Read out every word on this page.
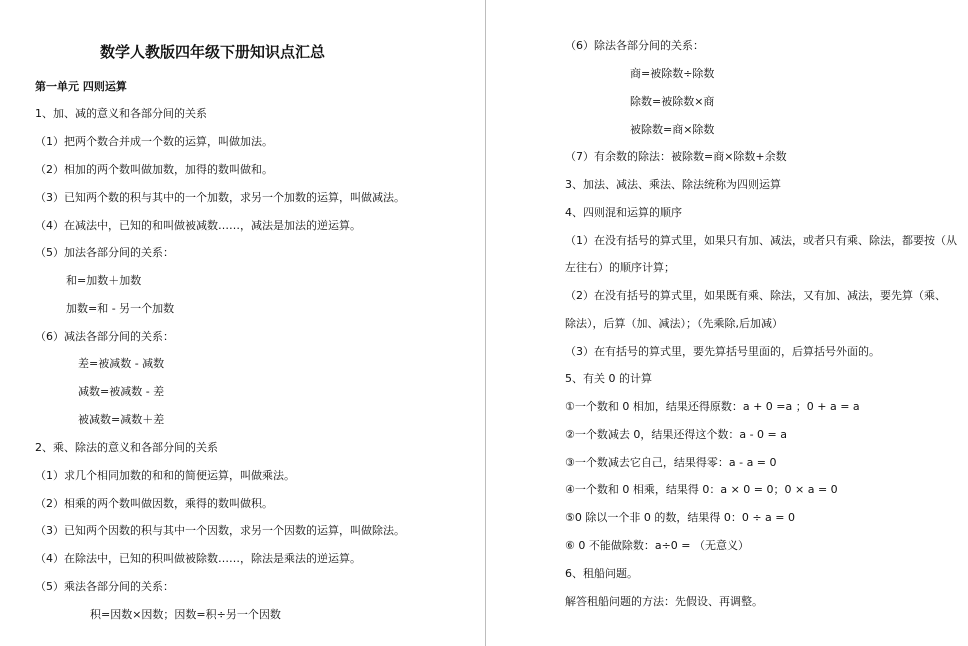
数学人教版四年级下册知识点汇总
第一单元 四则运算
1、加、减的意义和各部分间的关系
（1）把两个数合并成一个数的运算，叫做加法。
（2）相加的两个数叫做加数，加得的数叫做和。
（3）已知两个数的积与其中的一个加数，求另一个加数的运算，叫做减法。
（4）在减法中，已知的和叫做被减数……，减法是加法的逆运算。
（5）加法各部分间的关系：
和=加数＋加数
加数=和 - 另一个加数
（6）减法各部分间的关系：
差=被减数 - 减数
减数=被减数 - 差
被减数=减数＋差
2、乘、除法的意义和各部分间的关系
（1）求几个相同加数的和和的简便运算，叫做乘法。
（2）相乘的两个数叫做因数，乘得的数叫做积。
（3）已知两个因数的积与其中一个因数，求另一个因数的运算，叫做除法。
（4）在除法中，已知的积叫做被除数……，除法是乘法的逆运算。
（5）乘法各部分间的关系：
积=因数×因数；因数=积÷另一个因数
（6）除法各部分间的关系：
商=被除数÷除数
除数=被除数×商
被除数=商×除数
（7）有余数的除法：被除数=商×除数+余数
3、加法、减法、乘法、除法统称为四则运算
4、四则混和运算的顺序
（1）在没有括号的算式里，如果只有加、减法，或者只有乘、除法，都要按（从
左往右）的顺序计算；
（2）在没有括号的算式里，如果既有乘、除法，又有加、减法，要先算（乘、
除法），后算（加、减法）；（先乘除,后加减）
（3）在有括号的算式里，要先算括号里面的，后算括号外面的。
5、有关 0 的计算
①一个数和 0 相加，结果还得原数：a + 0 =a ；0 + a = a
②一个数减去 0，结果还得这个数：a - 0 = a
③一个数减去它自己，结果得零：a - a = 0
④一个数和 0 相乘，结果得 0：a × 0 = 0；0 × a = 0
⑤0 除以一个非 0 的数，结果得 0：0 ÷ a = 0
⑥ 0 不能做除数：a÷0 = （无意义）
6、租船问题。
解答租船问题的方法：先假设、再调整。
